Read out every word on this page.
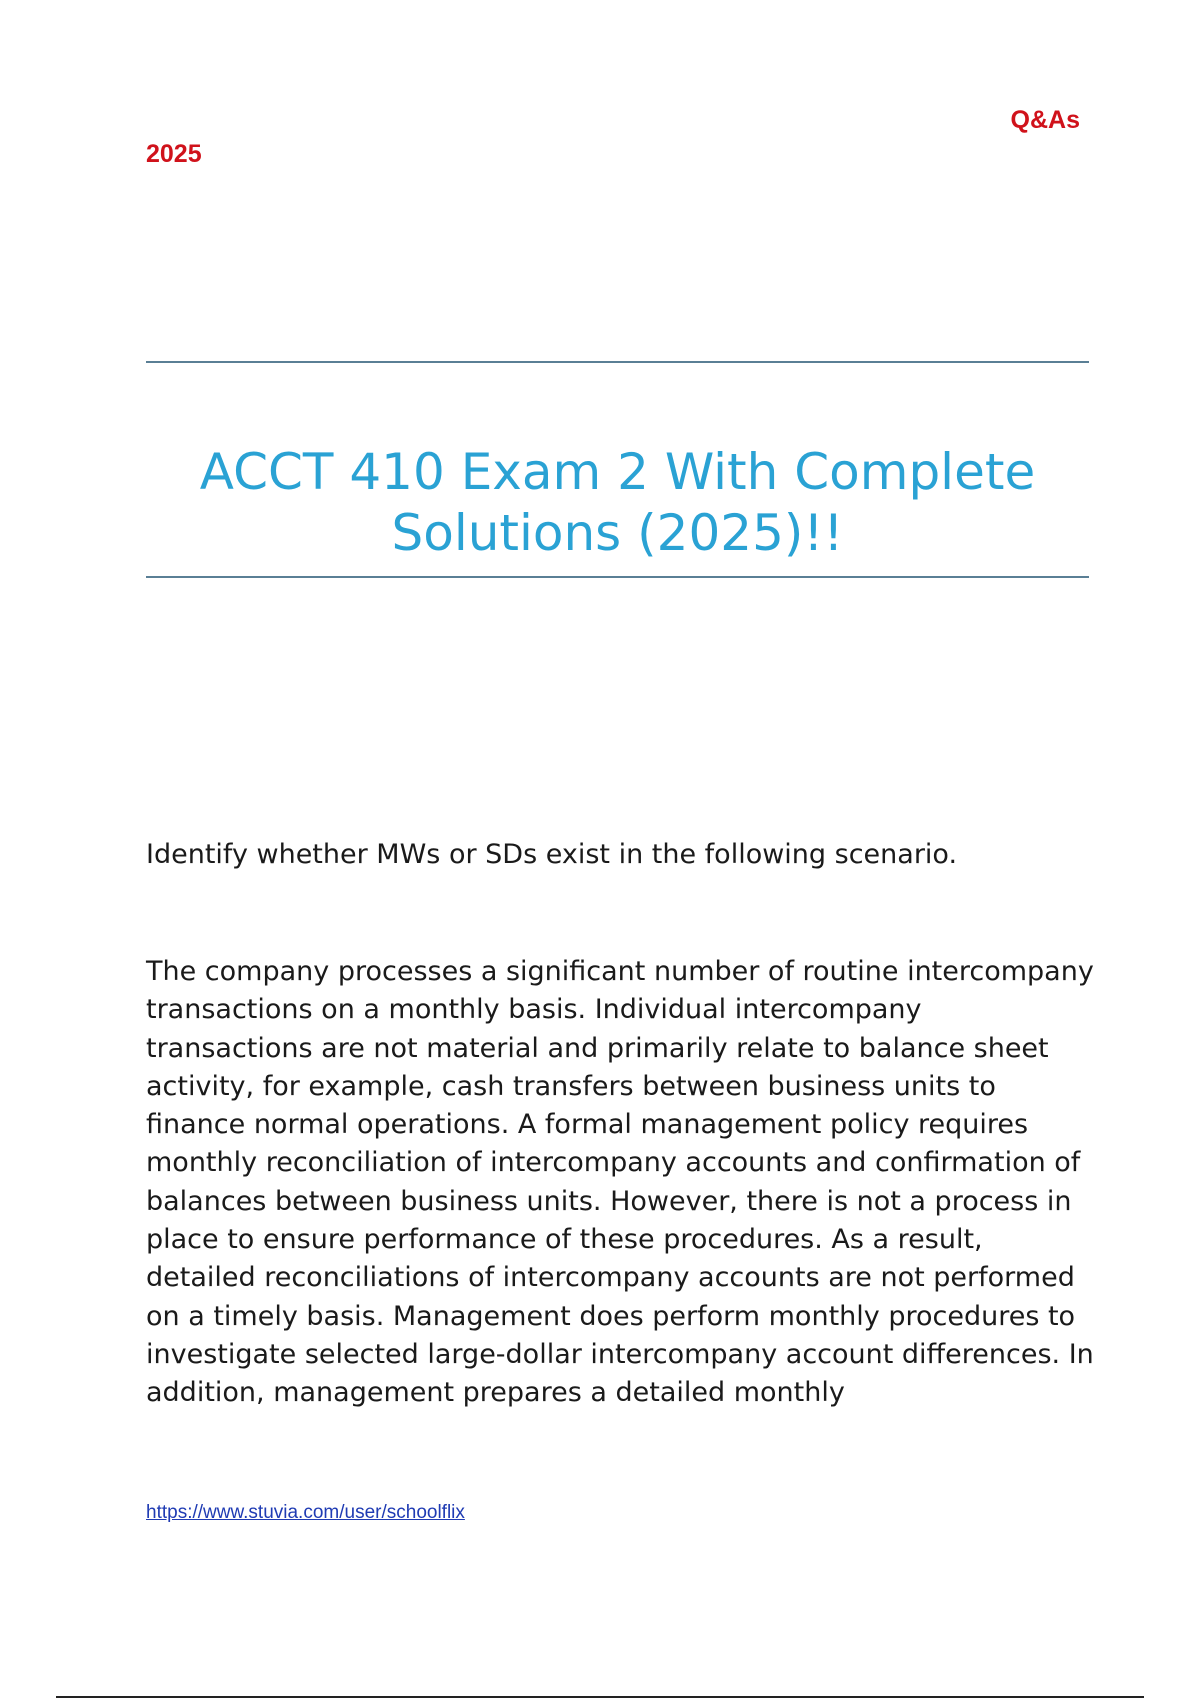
2025

Q&As

ACCT 410 Exam 2 With Complete Solutions (2025)!!

Identify whether MWs or SDs exist in the following scenario.

The company processes a significant number of routine intercompany transactions on a monthly basis. Individual intercompany transactions are not material and primarily relate to balance sheet activity, for example, cash transfers between business units to finance normal operations. A formal management policy requires monthly reconciliation of intercompany accounts and confirmation of balances between business units. However, there is not a process in place to ensure performance of these procedures. As a result, detailed reconciliations of intercompany accounts are not performed on a timely basis. Management does perform monthly procedures to investigate selected large-dollar intercompany account differences. In addition, management prepares a detailed monthly

https://www.stuvia.com/user/schoolflix
